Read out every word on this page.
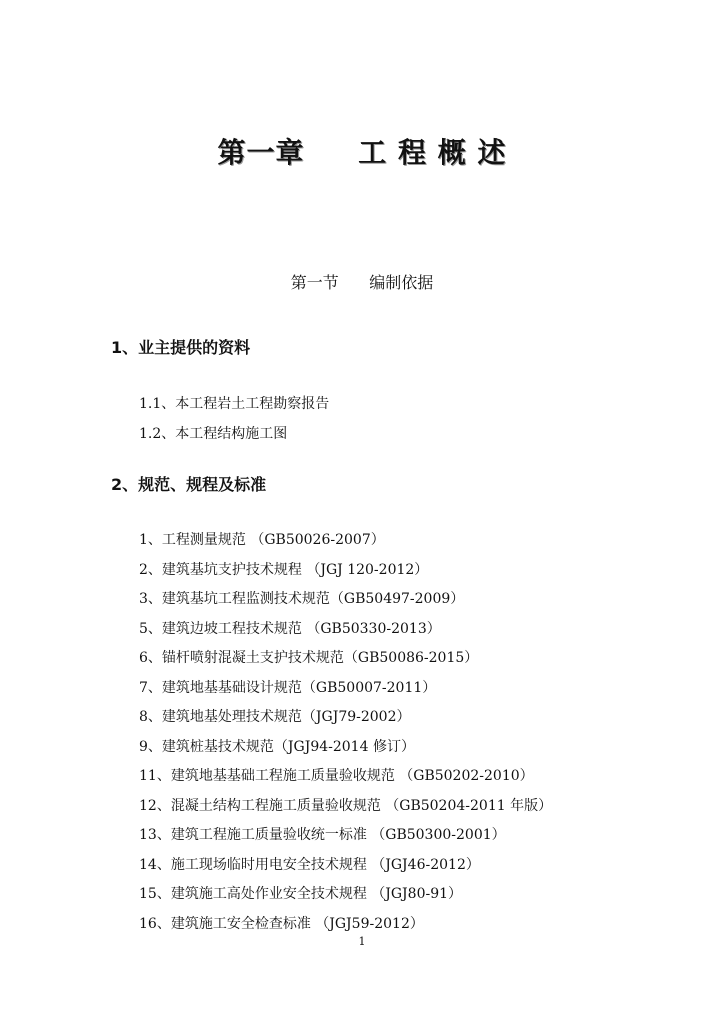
第一章     工 程 概 述
第一节      编制依据
1、业主提供的资料
1.1、本工程岩土工程勘察报告
1.2、本工程结构施工图
2、规范、规程及标准
1、工程测量规范 （GB50026-2007）
2、建筑基坑支护技术规程 （JGJ 120-2012）
3、建筑基坑工程监测技术规范（GB50497-2009）
5、建筑边坡工程技术规范 （GB50330-2013）
6、锚杆喷射混凝土支护技术规范（GB50086-2015）
7、建筑地基基础设计规范（GB50007-2011）
8、建筑地基处理技术规范（JGJ79-2002）
9、建筑桩基技术规范（JGJ94-2014 修订）
11、建筑地基基础工程施工质量验收规范 （GB50202-2010）
12、混凝土结构工程施工质量验收规范 （GB50204-2011 年版）
13、建筑工程施工质量验收统一标准 （GB50300-2001）
14、施工现场临时用电安全技术规程 （JGJ46-2012）
15、建筑施工高处作业安全技术规程 （JGJ80-91）
16、建筑施工安全检查标准 （JGJ59-2012）
1
